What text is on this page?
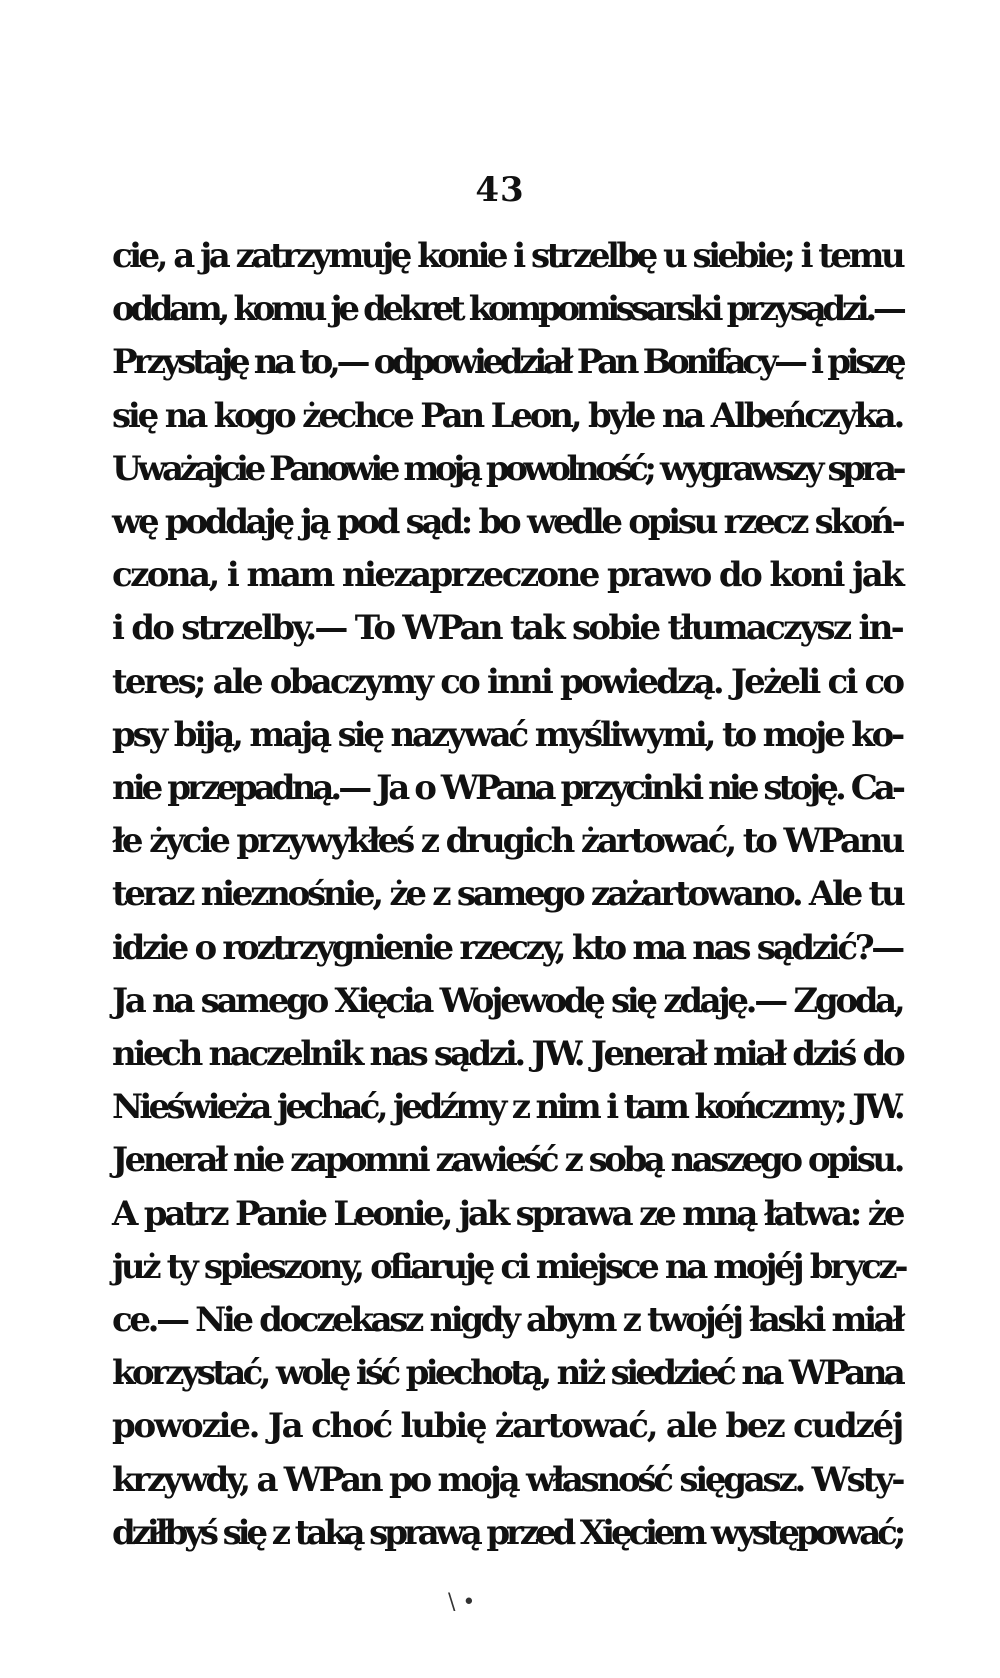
43
cie, a ja zatrzymuję konie i strzelbę u siebie; i temu
oddam, komu je dekret kompomissarski przysądzi.—
Przystaję na to,— odpowiedział Pan Bonifacy— i piszę
się na kogo żechce Pan Leon, byle na Albeńczyka.
Uważajcie Panowie moją powolność; wygrawszy spra-
wę poddaję ją pod sąd: bo wedle opisu rzecz skoń-
czona, i mam niezaprzeczone prawo do koni jak
i do strzelby.— To WPan tak sobie tłumaczysz in-
teres; ale obaczymy co inni powiedzą. Jeżeli ci co
psy biją, mają się nazywać myśliwymi, to moje ko-
nie przepadną.— Ja o WPana przycinki nie stoję. Ca-
łe życie przywykłeś z drugich żartować, to WPanu
teraz nieznośnie, że z samego zażartowano. Ale tu
idzie o roztrzygnienie rzeczy, kto ma nas sądzić?—
Ja na samego Xięcia Wojewodę się zdaję.— Zgoda,
niech naczelnik nas sądzi. JW. Jenerał miał dziś do
Nieświeża jechać, jedźmy z nim i tam kończmy; JW.
Jenerał nie zapomni zawieść z sobą naszego opisu.
A patrz Panie Leonie, jak sprawa ze mną łatwa: że
już ty spieszony, ofiaruję ci miejsce na mojéj brycz-
ce.— Nie doczekasz nigdy abym z twojéj łaski miał
korzystać, wolę iść piechotą, niż siedzieć na WPana
powozie. Ja choć lubię żartować, ale bez cudzéj
krzywdy, a WPan po moją własność sięgasz. Wsty-
dziłbyś się z taką sprawą przed Xięciem występować;
\ •
